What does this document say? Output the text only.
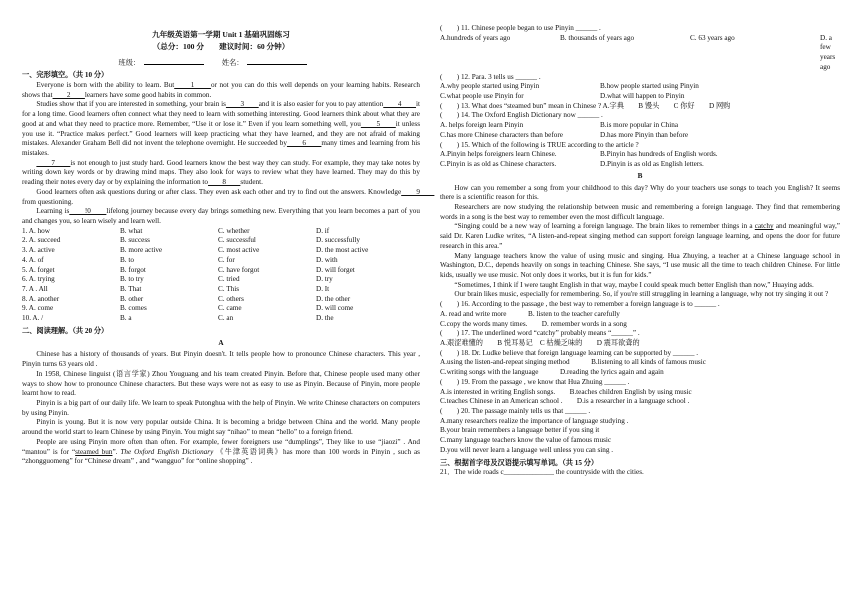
九年级英语第一学期 Unit 1 基础巩固练习
（总分：100 分　　建议时间：60 分钟）
班级：	姓名：
一、完形填空。（共 10 分）

Everyone is born with the ability to learn. But　　1　　or not you can do this well depends on your learning habits. Research shows that　　2　　learners have some good habits in common.

Studies show that if you are interested in something, your brain is　　3　　and it is also easier for you to pay attention　　4　　it for a long time. Good learners often connect what they need to learn with something interesting. Good learners think about what they are good at and what they need to practice more. Remember, “Use it or lose it.” Even if you learn something well, you　　5　　it unless you use it. “Practice makes perfect.” Good learners will keep practicing what they have learned, and they are not afraid of making mistakes. Alexander Graham Bell did not invent the telephone overnight. He succeeded by　　6　　many times and learning from his mistakes.

　　7　　is not enough to just study hard. Good learners know the best way they can study. For example, they may take notes by writing down key words or by drawing mind maps. They also look for ways to review what they have learned. They may do this by reading their notes every day or by explaining the information to　　8　　student.

Good learners often ask questions during or after class. They even ask each other and try to find out the answers. Knowledge　　9　　from questioning.

Learning is　　!0　　lifelong journey because every day brings something new. Everything that you learn becomes a part of you and changes you, so learn wisely and learn well.

1. A. how	B. what	C. whether	D. if
2. A. succeed	B. success	C. successful	D. successfully
3. A. active	B. more active	C. most active	D. the most active
4. A. of	B. to	C. for	D. with
5. A. forget	B. forgot	C. have forgot	D. will forget
6. A. trying	B. to try	C. tried	D. try
7. A . All	B. That	C. This	D. It
8. A. another	B. other	C. others	D. the other
9. A. come	B. comes	C. came	D. will come
10. A. /	B. a	C. an	D. the
二、阅读理解。（共 20 分）
A

Chinese has a history of thousands of years. But Pinyin doesn't. It tells people how to pronounce Chinese characters. This year , Pinyin turns 63 years old .

In 1958, Chinese linguist (语言学家) Zhou Youguang and his team created Pinyin. Before that, Chinese people used many other ways to show how to pronounce Chinese characters. But these ways were not as easy to use as Pinyin. Because of Pinyin, more people learnt how to read.

Pinyin is a big part of our daily life. We learn to speak Putonghua with the help of Pinyin. We write Chinese characters on computers by using Pinyin.

Pinyin is young. But it is now very popular outside China. It is becoming a bridge between China and the world. Many people around the world start to learn Chinese by using Pinyin. You might say “nihao” to mean “hello” to a foreign friend.

People are using Pinyin more often than often. For example, fewer foreigners use “dumplings”, They like to use “jiaozi” . And “mantou” is for “steamed bun”. The Oxford English Dictionary 《牛津英语词典》has more than 100 words in Pinyin , such as “zhongguomeng” for “Chinese dream” , and “wangguo” for “online shopping” .

(　　) 11. Chinese people began to use Pinyin ______ .
A.hundreds of years ago	B. thousands of years ago	C. 63 years ago	D. a few years ago
(　　) 12. Para. 3 tells us ______ .
A.why people started using Pinyin	B.how people started using Pinyin
C.what people use Pinyin for	D.what will happen to Pinyin
(　　) 13. What does “steamed bun” mean in Chinese ? A.字典　　B 馒头　　C 你好　　D 网购
(　　) 14. The Oxford English Dictionary now ______ .
A. helps foreign learn Pinyin	B.is more popular in China
C.has more Chinese characters than before	D.has more Pinyin than before
(　　) 15. Which of the following is TRUE according to the article ?
A.Pinyin helps foreigners learn Chinese.	B.Pinyin has hundreds of English words.
C.Pinyin is as old as Chinese characters.	D.Pinyin is as old as English letters.
B

How can you remember a song from your childhood to this day? Why do your teachers use songs to teach you English? It seems there is a scientific reason for this.

Researchers are now studying the relationship between music and remembering a foreign language. They find that remembering words in a song is the best way to remember even the most difficult language.

“Singing could be a new way of learning a foreign language. The brain likes to remember things in a catchy and meaningful way,” said Dr. Karen Ludke writes, “A listen-and-repeat singing method can support foreign language learning, and opens the door for future research in this area.”

Many language teachers know the value of using music and singing. Hua Zhuying, a teacher at a Chinese language school in Washington, D.C., depends heavily on songs in teaching Chinese. She says, “I use music all the time to teach children Chinese. For little kids, usually we use music. Not only does it works, but it is fun for kids.”

“Sometimes, I think if I were taught English in that way, maybe I could speak much better English than now,” Huaying adds.

Our brain likes music, especially for remembering. So, if you're still struggling in learning a language, why not try singing it out ?

(　　) 16. According to the passage , the best way to remember a foreign language is to ______ .
A. read and write more　　　B. listen to the teacher carefully
C.copy the words many times.　　D. remember words in a song
(　　) 17. The underlined word “catchy” probably means “______” .
A.艰涩难懂的　　B 悦耳易记　C 枯燥乏味的　　D 震耳欲聋的
(　　) 18. Dr. Ludke believe that foreign language learning can be supported by ______ .
A.using the listen-and-repeat singing method　　　B.listening to all kinds of famous music
C.writing songs with the language　　　D.reading the lyrics again and again
(　　) 19. From the passage , we know that Hua Zhuing ______ .
A.is interested in writing English songs.　　B.teaches children English by using music
C.teaches Chinese in an American school .　　D.is a researcher in a language school .
(　　) 20. The passage mainly tells us that ______ .
A.many researchers realize the importance of language studying .
B.your brain remembers a language better if you sing it
C.many language teachers know the value of famous music
D.you will never learn a language well unless you can sing .
三、根据首字母及汉语提示填写单词。（共 15 分）
21．The wide roads c______________ the countryside with the cities.
